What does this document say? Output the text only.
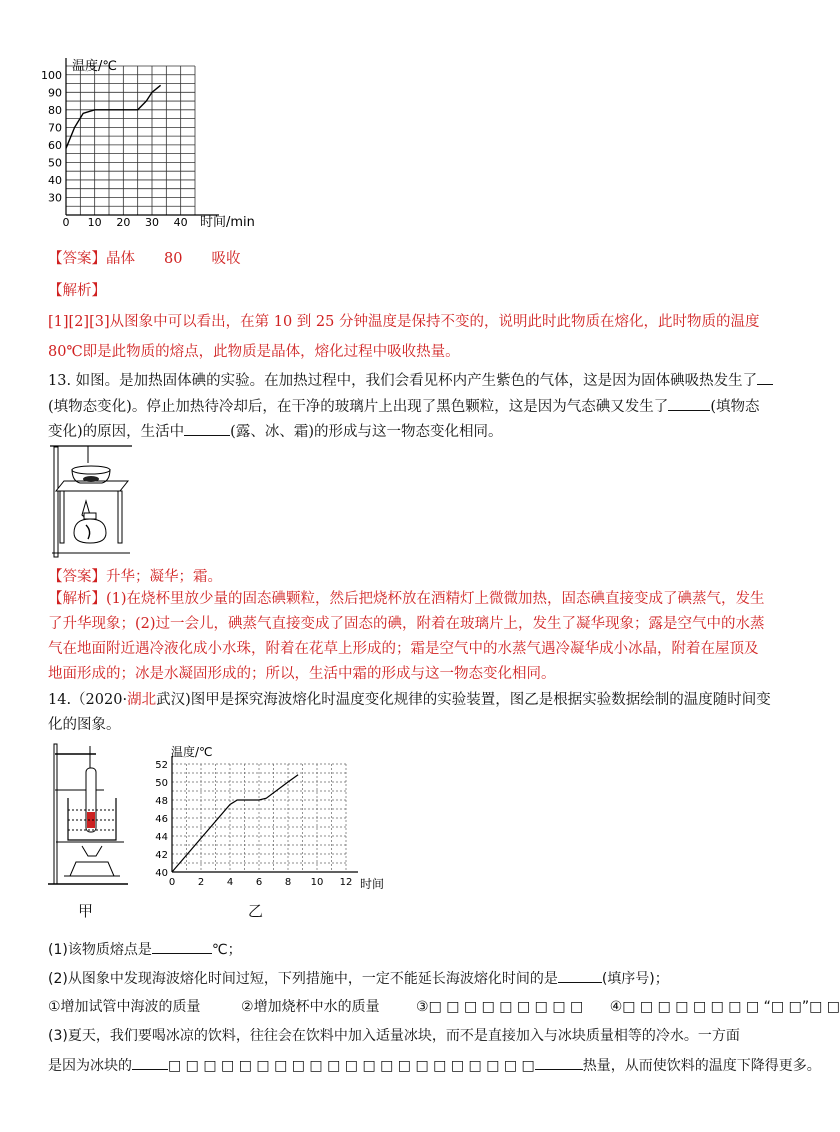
100
90
80
70
60
50
40
30
0 10 20 30 40
温度/℃
时间/min
【答案】晶体　　80　　吸收
【解析】
[1][2][3]从图象中可以看出，在第 10 到 25 分钟温度是保持不变的，说明此时此物质在熔化，此时物质的温度
80℃即是此物质的熔点，此物质是晶体，熔化过程中吸收热量。
13. 如图。是加热固体碘的实验。在加热过程中，我们会看见杯内产生紫色的气体，这是因为固体碘吸热发生了
(填物态变化)。停止加热待冷却后，在干净的玻璃片上出现了黑色颗粒，这是因为气态碘又发生了	(填物态
变化)的原因，生活中	(露、冰、霜)的形成与这一物态变化相同。
【答案】升华；凝华；霜。
【解析】(1)在烧杯里放少量的固态碘颗粒，然后把烧杯放在酒精灯上微微加热，固态碘直接变成了碘蒸气，发生
了升华现象；(2)过一会儿，碘蒸气直接变成了固态的碘，附着在玻璃片上，发生了凝华现象；露是空气中的水蒸
气在地面附近遇冷液化成小水珠，附着在花草上形成的；霜是空气中的水蒸气遇冷凝华成小冰晶，附着在屋顶及
地面形成的；冰是水凝固形成的；所以，生活中霜的形成与这一物态变化相同。
14.（2020·湖北武汉)图甲是探究海波熔化时温度变化规律的实验装置，图乙是根据实验数据绘制的温度随时间变
化的图象。
甲
52
50
48
46
44
42
40
0 2 4 6 8 10 12
温度/℃
时间
乙
(1)该物质熔点是	℃；
(2)从图象中发现海波熔化时间过短，下列措施中，一定不能延长海波熔化时间的是	(填序号)；
①增加试管中海波的质量	②增加烧杯中水的质量	③□ □ □ □ □ □ □ □ □ ④□ □ □ □ □ □ □ □ “□ □”□ □
(3)夏天，我们要喝冰凉的饮料，往往会在饮料中加入适量冰块，而不是直接加入与冰块质量相等的冷水。一方面
是因为冰块的	□ □ □ □ □ □ □ □ □ □ □ □ □ □ □ □ □ □ □ □ □	热量，从而使饮料的温度下降得更多。
